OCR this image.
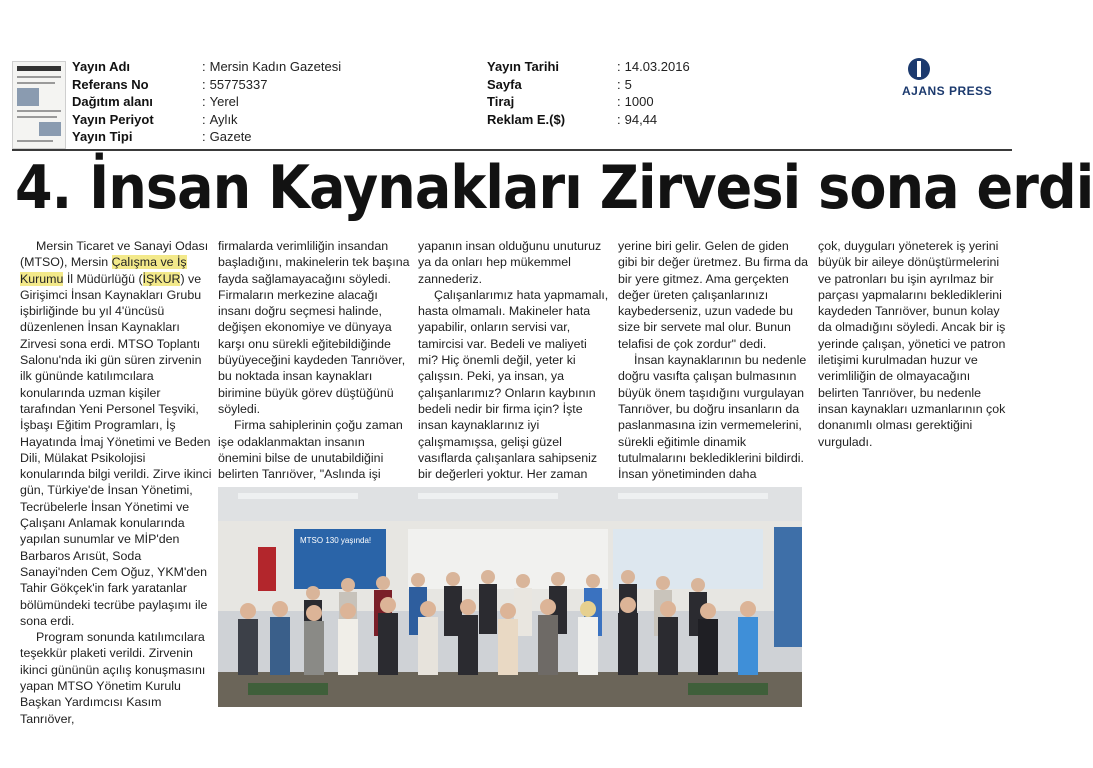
Yayın Adı	: Mersin Kadın Gazetesi
Referans No	: 55775337
Dağıtım alanı	: Yerel
Yayın Periyot	: Aylık
Yayın Tipi	: Gazete
Yayın Tarihi	: 14.03.2016
Sayfa	: 5
Tiraj	: 1000
Reklam E.($)	: 94,44
AJANS PRESS
4. İnsan Kaynakları Zirvesi sona erdi

Mersin Ticaret ve Sanayi Odası (MTSO), Mersin Çalışma ve İş Kurumu İl Müdürlüğü (İŞKUR) ve Girişimci İnsan Kaynakları Grubu işbirliğinde bu yıl 4'üncüsü düzenlenen İnsan Kaynakları Zirvesi sona erdi. MTSO Toplantı Salonu'nda iki gün süren zirvenin ilk gününde katılımcılara konularında uzman kişiler tarafından Yeni Personel Teşviki, İşbaşı Eğitim Programları, İş Hayatında İmaj Yönetimi ve Beden Dili, Mülakat Psikolojisi konularında bilgi verildi. Zirve ikinci gün, Türkiye'de İnsan Yönetimi, Tecrübelerle İnsan Yönetimi ve Çalışanı Anlamak konularında yapılan sunumlar ve MİP'den Barbaros Arısüt, Soda Sanayi'nden Cem Oğuz, YKM'den Tahir Gökçek'in fark yaratanlar bölümündeki tecrübe paylaşımı ile sona erdi.

Program sonunda katılımcılara teşekkür plaketi verildi. Zirvenin ikinci gününün açılış konuşmasını yapan MTSO Yönetim Kurulu Başkan Yardımcısı Kasım Tanrıöver,

firmalarda verimliliğin insandan başladığını, makinelerin tek başına fayda sağlamayacağını söyledi. Firmaların merkezine alacağı insanı doğru seçmesi halinde, değişen ekonomiye ve dünyaya karşı onu sürekli eğitebildiğinde büyüyeceğini kaydeden Tanrıöver, bu noktada insan kaynakları birimine büyük görev düştüğünü söyledi.

Firma sahiplerinin çoğu zaman işe odaklanmaktan insanın önemini bilse de unutabildiğini belirten Tanrıöver, "Aslında işi

yapanın insan olduğunu unuturuz ya da onları hep mükemmel zannederiz.

Çalışanlarımız hata yapmamalı, hasta olmamalı. Makineler hata yapabilir, onların servisi var, tamircisi var. Bedeli ve maliyeti mi? Hiç önemli değil, yeter ki çalışsın. Peki, ya insan, ya çalışanlarımız? Onların kaybının bedeli nedir bir firma için? İşte insan kaynaklarınız iyi çalışmamışsa, gelişi güzel vasıflarda çalışanlara sahipseniz bir değerleri yoktur. Her zaman

yerine biri gelir. Gelen de giden gibi bir değer üretmez. Bu firma da bir yere gitmez. Ama gerçekten değer üreten çalışanlarınızı kaybederseniz, uzun vadede bu size bir servete mal olur. Bunun telafisi de çok zordur" dedi.

İnsan kaynaklarının bu nedenle doğru vasıfta çalışan bulmasının büyük önem taşıdığını vurgulayan Tanrıöver, bu doğru insanların da paslanmasına izin vermemelerini, sürekli eğitimle dinamik tutulmalarını beklediklerini bildirdi. İnsan yönetiminden daha

çok, duyguları yöneterek iş yerini büyük bir aileye dönüştürmelerini ve patronları bu işin ayrılmaz bir parçası yapmalarını beklediklerini kaydeden Tanrıöver, bunun kolay da olmadığını söyledi. Ancak bir iş yerinde çalışan, yönetici ve patron iletişimi kurulmadan huzur ve verimliliğin de olmayacağını belirten Tanrıöver, bu nedenle insan kaynakları uzmanlarının çok donanımlı olması gerektiğini vurguladı.

MTSO 130 yaşında!
